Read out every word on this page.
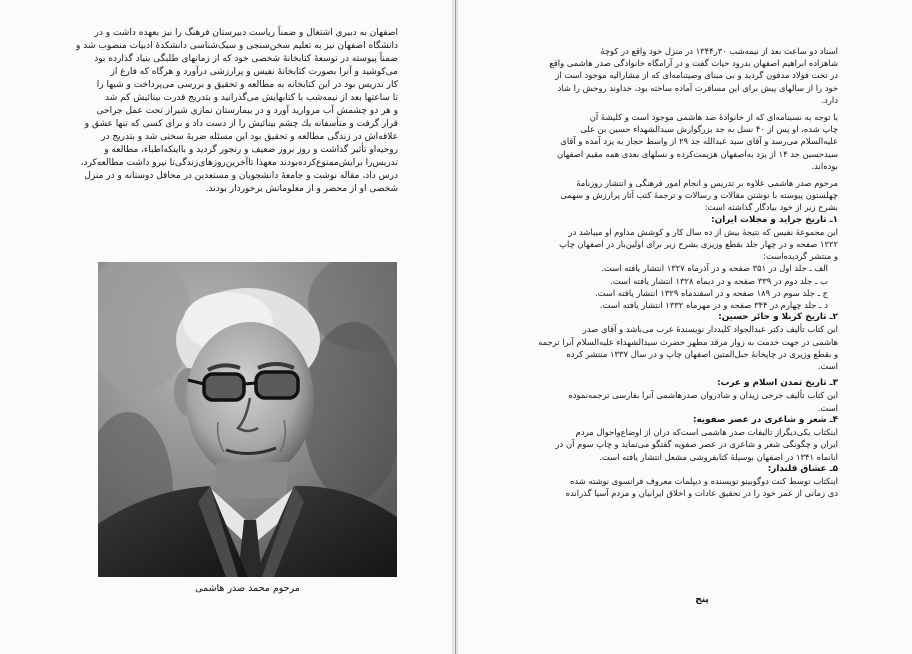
اصفهان به دبیری اشتغال و ضمناً ریاست دبیرستان فرهنگ را نیز بعهده داشت و در

دانشگاه اصفهان نیز به تعلیم سخن‌سنجی و سبک‌شناسی دانشکدهٔ ادبیات منصوب شد و

ضمناً پیوسته در توسعهٔ کتابخانهٔ شخصی خود که از زمانهای طلبگی بنیاد گذارده بود

می‌کوشید و آنرا بصورت کتابخانهٔ نفیس و پرارزشی درآورد و هرگاه که فارغ از

کار تدریس بود در این کتابخانه به مطالعه و تحقیق و بررسی می‌پرداخت و شبها را

تا ساعتها بعد از نیمه‌شب با کتابهایش می‌گذرانید و بتدریج قدرت بینائیش کم شد

و هر دو چشمش آب مروارید آورد و در بیمارستان نمازی شیراز تحت عمل جراحی

قرار گرفت و متأسفانه یك چشم بینائیش را از دست داد و برای کسی که تنها عشق و

علاقه‌اش در زندگی مطالعه و تحقیق بود این مسئله ضربهٔ سختی شد و بتدریج در

روحیه‌او تأثیر گذاشت و روز بروز ضعیف و رنجور گردید و بااینکه‌اطباء، مطالعه و

تدریس‌را برایش‌ممنوع‌کرده‌بودند معهذا تاآخرین‌روزهای‌زندگی‌تا نیرو داشت مطالعه‌کرد،

درس داد، مقاله نوشت و جامعهٔ دانشجویان و مستعدین در محافل دوستانه و در منزل

شخصی او از محضر و از معلوماتش برخوردار بودند.

مرحوم محمد صدر هاشمی

استاد دو ساعت بعد از نیمه‌شب ۳۰ر۱۳۴۴ در منزل خود واقع در کوچهٔ

شاهزاده ابراهیم اصفهان بدرود حیات گفت و در آرامگاه خانوادگی صدر هاشمی واقع

در تخت فولاد مدفون گردید و بی مبنای وصیتنامه‌ای که از مشارالیه موجود است از

خود را از سالهای پیش برای این مسافرت آماده ساخته بود، خداوند روحش را شاد

دارد.

با توجه به نسبنامه‌ای که از خانوادهٔ صد هاشمی موجود است و کلیشهٔ آن

چاپ شده، او پس از ۴۰ نسل به جد بزرگوارش سیدالشهداء حسین بن علی

علیه‌السلام می‌رسد و آقای سید عبدالله جد ۲۹ از واسط حجاز به یزد آمده و آقای

سیدحسین جد ۱۴ از یزد به‌اصفهان هزیمت‌کرده و نسلهای بعدی همه مقیم اصفهان

بوده‌اند.

مرحوم صدر هاشمی علاوه بر تدریس و انجام امور فرهنگی و انتشار روزنامهٔ

چهلستون پیوسته با نوشتن مقالات و رسالات و ترجمهٔ کتب آثار پرارزش و سهمی

بشرح زیر از خود بیادگار گذاشته است:

۱ـ تاریخ جراید و مجلات ایران:

این مجموعهٔ نفیس که نتیجهٔ بیش از ده سال کار و کوشش مداوم او میباشد در

۱۲۲۲ صفحه و در چهار جلد بقطع وزیری بشرح زیر برای اولین‌بار در اصفهان چاپ

و منتشر گردیده‌است:

الف ـ جلد اول در ۳۵۱ صفحه و در آذرماه ۱۳۲۷ انتشار یافته است.

ب ـ جلد دوم در ۳۳۹ صفحه و در دیماه ۱۳۲۸ انتشار یافته است.

ج ـ جلد سوم در ۱۸۹ صفحه و در اسفندماه ۱۳۲۹ انتشار یافته است.

د ـ جلد چهارم در ۳۴۴ صفحه و در مهرماه ۱۳۳۲ انتشار یافته است.

۲ـ تاریخ کربلا و حائر حسین:

این کتاب تألیف دکتر عبدالجواد کلیددار نویسندهٔ عرب می‌باشد و آقای صدر

هاشمی در جهت خدمت به زوار مرقد مطهر حضرت سیدالشهداء علیه‌السلام آنرا ترجمه

و بقطع وزیری در چاپخانهٔ حبل‌المتین اصفهان چاپ و در سال ۱۳۳۷ منتشر کرده

است.

۳ـ تاریخ تمدن اسلام و عرب:

این کتاب تألیف جرجی زیدان و شادروان صدرهاشمی آنرا بفارسی ترجمه‌نموده

است.

۴ـ شعر و شاعری در عصر صفویه:

اینکتاب یکی‌دیگراز تالیفات صدر هاشمی است‌که دران از اوضاع‌واحوال مردم

ایران و چگونگی شعر و شاعری در عصر صفویه گفتگو می‌نماید و چاپ سوم آن در

ابانماه ۱۳۴۱ در اصفهان بوسیلهٔ کتابفروشی مشعل انتشار یافته است.

۵ـ عشاق قلندار:

اینکتاب توسط کنت دوگوبینو نویسنده و دیپلمات معروف فرانسوی نوشته شده

دی زمانی از عمر خود را در تحقیق عادات و اخلاق ایرانیان و مردم آسیا گذرانده

پنج
